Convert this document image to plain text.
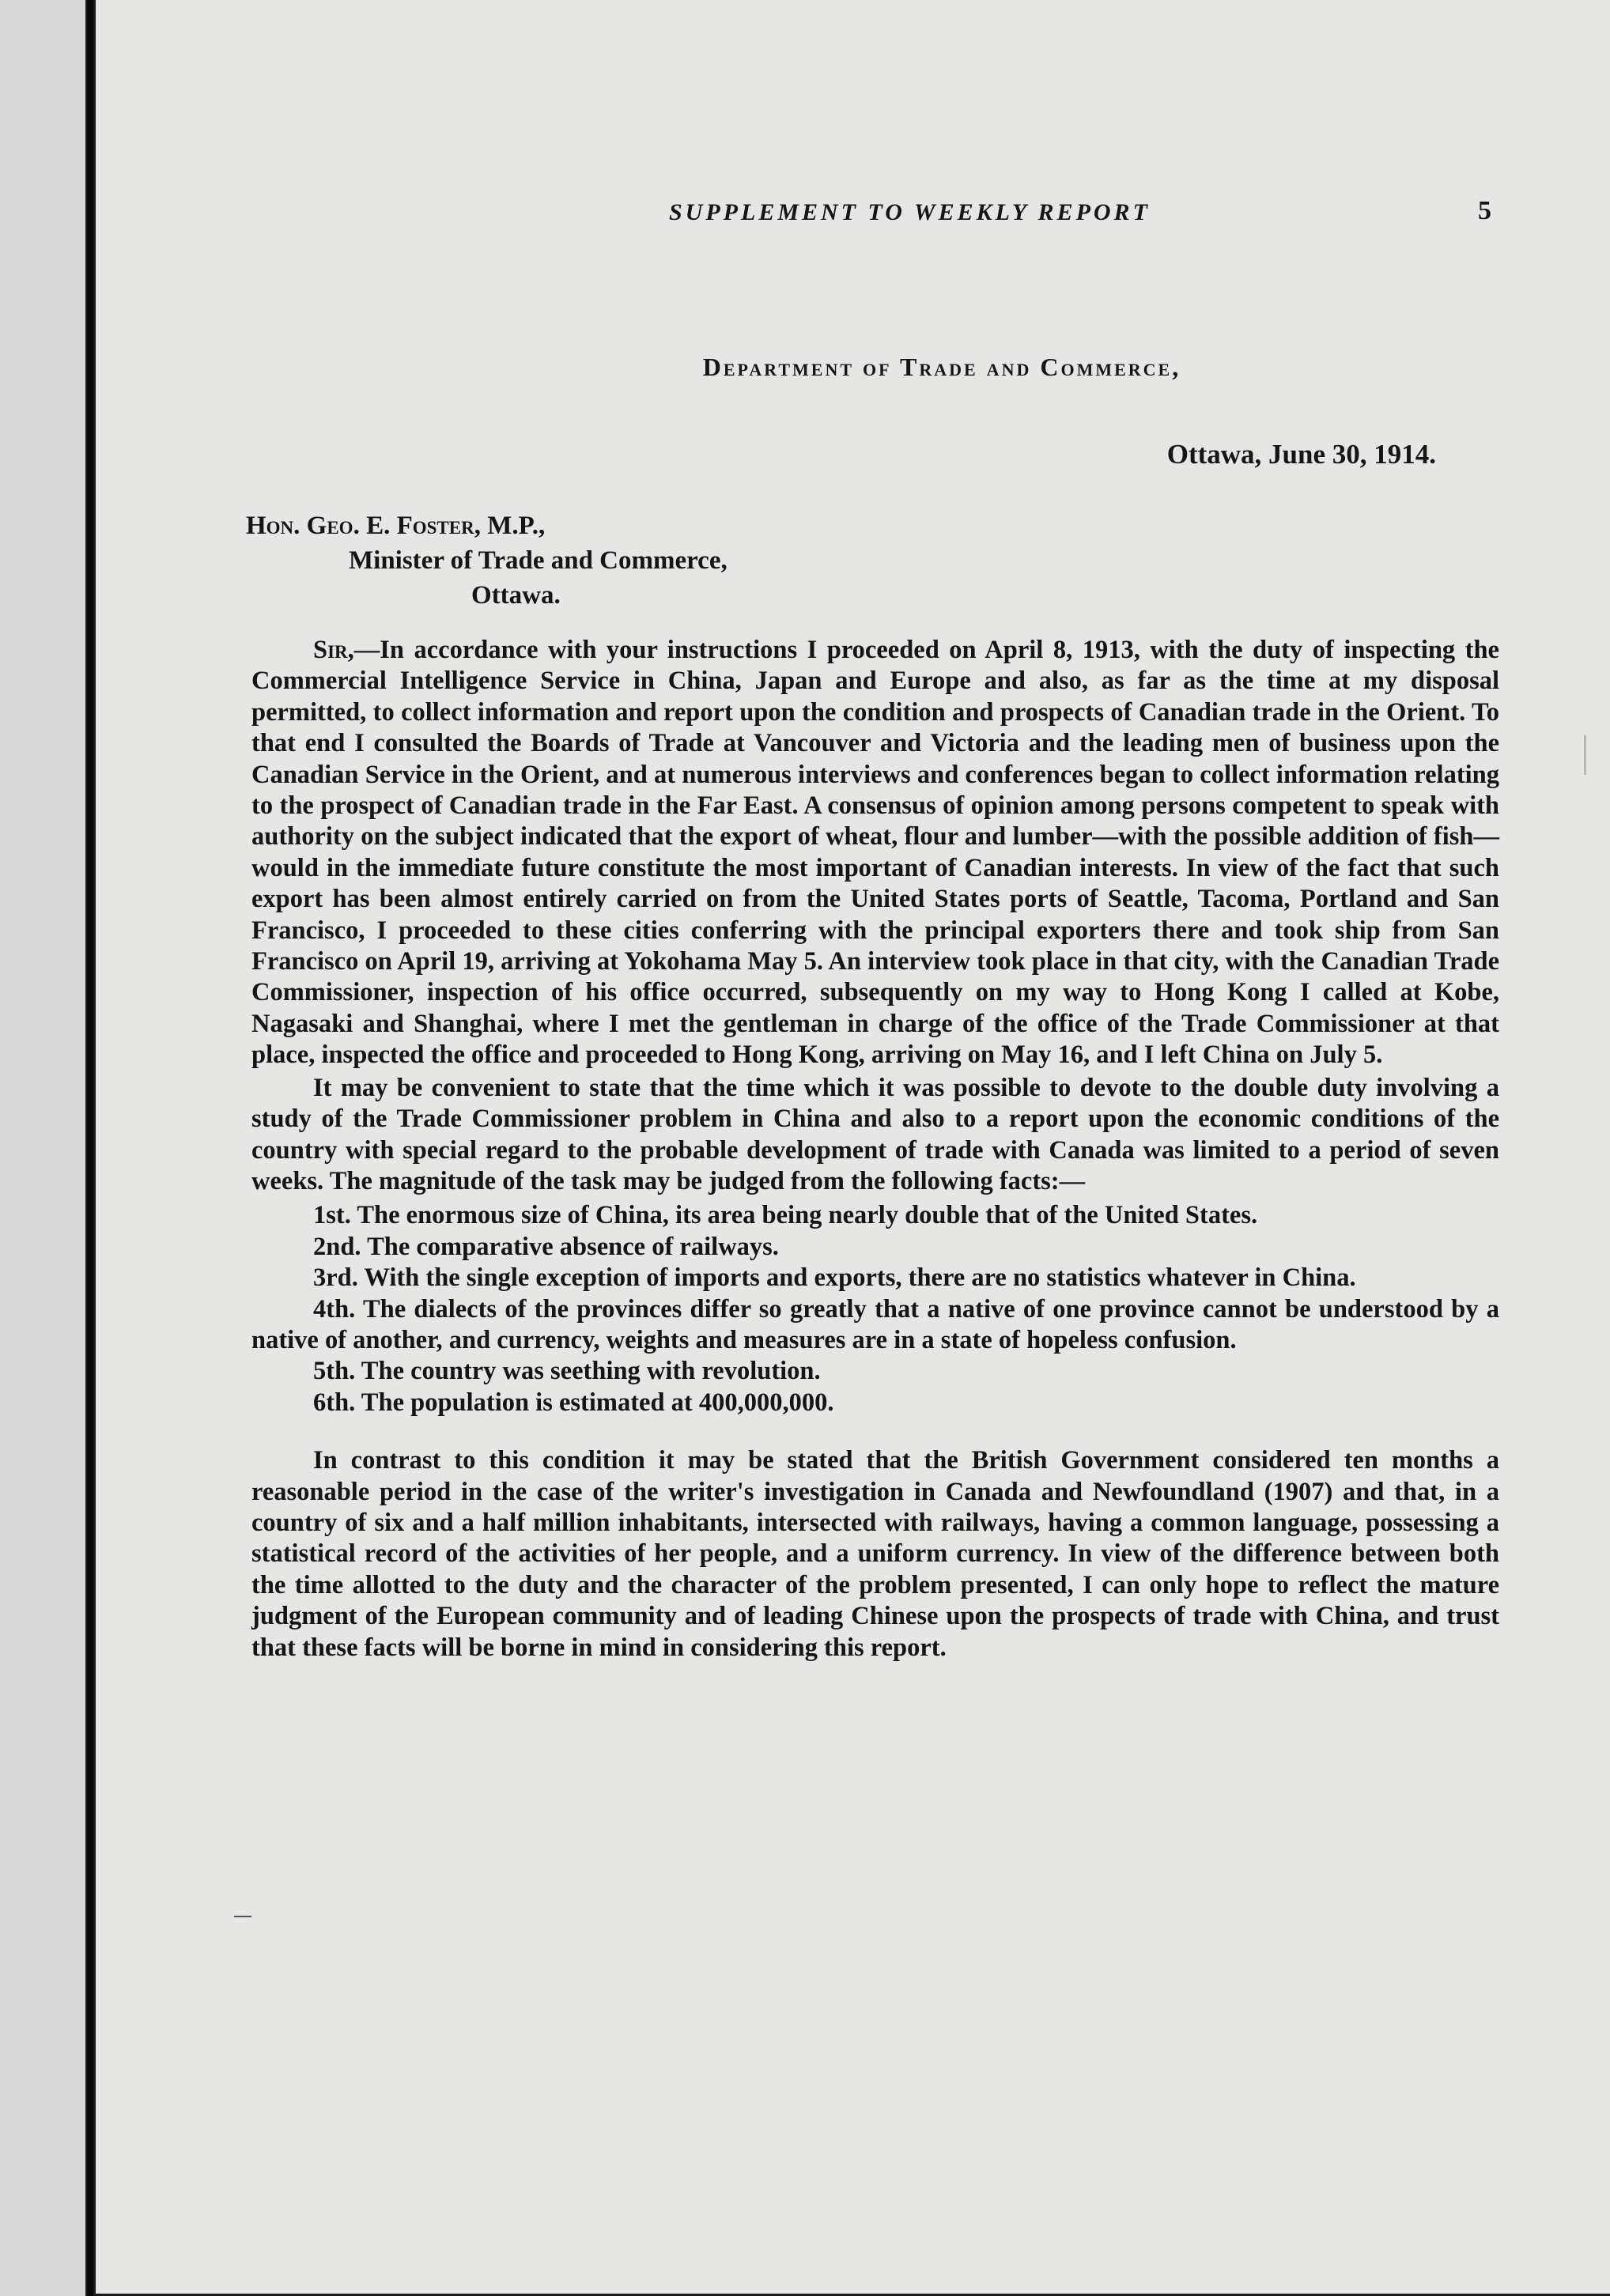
SUPPLEMENT TO WEEKLY REPORT	5
Department of Trade and Commerce,
Ottawa, June 30, 1914.
Hon. Geo. E. Foster, M.P.,
Minister of Trade and Commerce,
Ottawa.

Sir,—In accordance with your instructions I proceeded on April 8, 1913, with the duty of inspecting the Commercial Intelligence Service in China, Japan and Europe and also, as far as the time at my disposal permitted, to collect information and report upon the condition and prospects of Canadian trade in the Orient. To that end I consulted the Boards of Trade at Vancouver and Victoria and the leading men of business upon the Canadian Service in the Orient, and at numerous interviews and conferences began to collect information relating to the prospect of Canadian trade in the Far East. A consensus of opinion among persons competent to speak with authority on the subject indicated that the export of wheat, flour and lumber—with the possible addition of fish—would in the immediate future constitute the most important of Canadian interests. In view of the fact that such export has been almost entirely carried on from the United States ports of Seattle, Tacoma, Portland and San Francisco, I proceeded to these cities conferring with the principal exporters there and took ship from San Francisco on April 19, arriving at Yokohama May 5. An interview took place in that city, with the Canadian Trade Commissioner, inspection of his office occurred, subsequently on my way to Hong Kong I called at Kobe, Nagasaki and Shanghai, where I met the gentleman in charge of the office of the Trade Commissioner at that place, inspected the office and proceeded to Hong Kong, arriving on May 16, and I left China on July 5.

It may be convenient to state that the time which it was possible to devote to the double duty involving a study of the Trade Commissioner problem in China and also to a report upon the economic conditions of the country with special regard to the probable development of trade with Canada was limited to a period of seven weeks. The magnitude of the task may be judged from the following facts:—

1st. The enormous size of China, its area being nearly double that of the United States.
2nd. The comparative absence of railways.
3rd. With the single exception of imports and exports, there are no statistics whatever in China.
4th. The dialects of the provinces differ so greatly that a native of one province cannot be understood by a native of another, and currency, weights and measures are in a state of hopeless confusion.
5th. The country was seething with revolution.
6th. The population is estimated at 400,000,000.

In contrast to this condition it may be stated that the British Government considered ten months a reasonable period in the case of the writer's investigation in Canada and Newfoundland (1907) and that, in a country of six and a half million inhabitants, intersected with railways, having a common language, possessing a statistical record of the activities of her people, and a uniform currency. In view of the difference between both the time allotted to the duty and the character of the problem presented, I can only hope to reflect the mature judgment of the European community and of leading Chinese upon the prospects of trade with China, and trust that these facts will be borne in mind in considering this report.
